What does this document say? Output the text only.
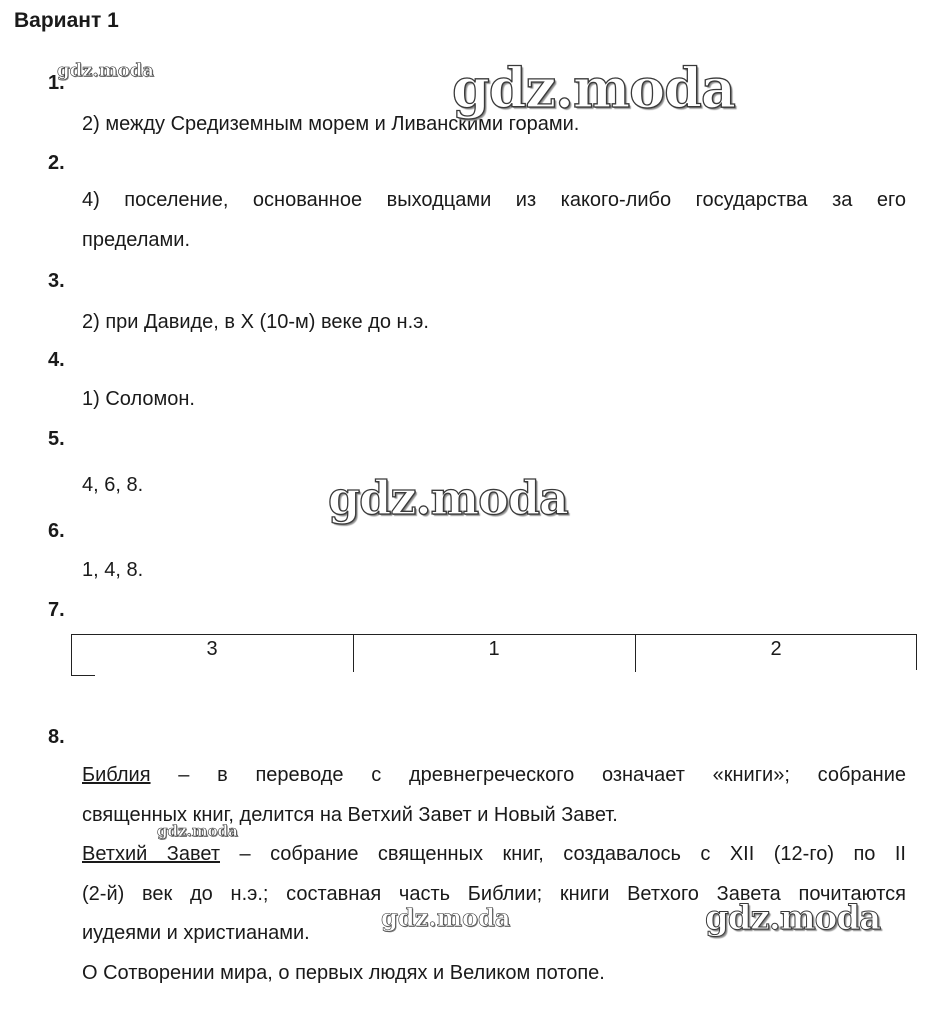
Вариант 1
1.
2) между Средиземным морем и Ливанскими горами.
2.
4) поселение, основанное выходцами из какого-либо государства за его
пределами.
3.
2) при Давиде, в X (10-м) веке до н.э.
4.
1) Соломон.
5.
4, 6, 8.
6.
1, 4, 8.
7.
3	1	2
8.
Библия – в переводе с древнегреческого означает «книги»; собрание
священных книг, делится на Ветхий Завет и Новый Завет.
Ветхий Завет – собрание священных книг, создавалось с XII (12-го) по II
(2-й) век до н.э.; составная часть Библии; книги Ветхого Завета почитаются
иудеями и христианами.
О Сотворении мира, о первых людях и Великом потопе.
gdz.moda	gdz.moda
gdz.moda
gdz.moda
gdz.moda	gdz.moda
